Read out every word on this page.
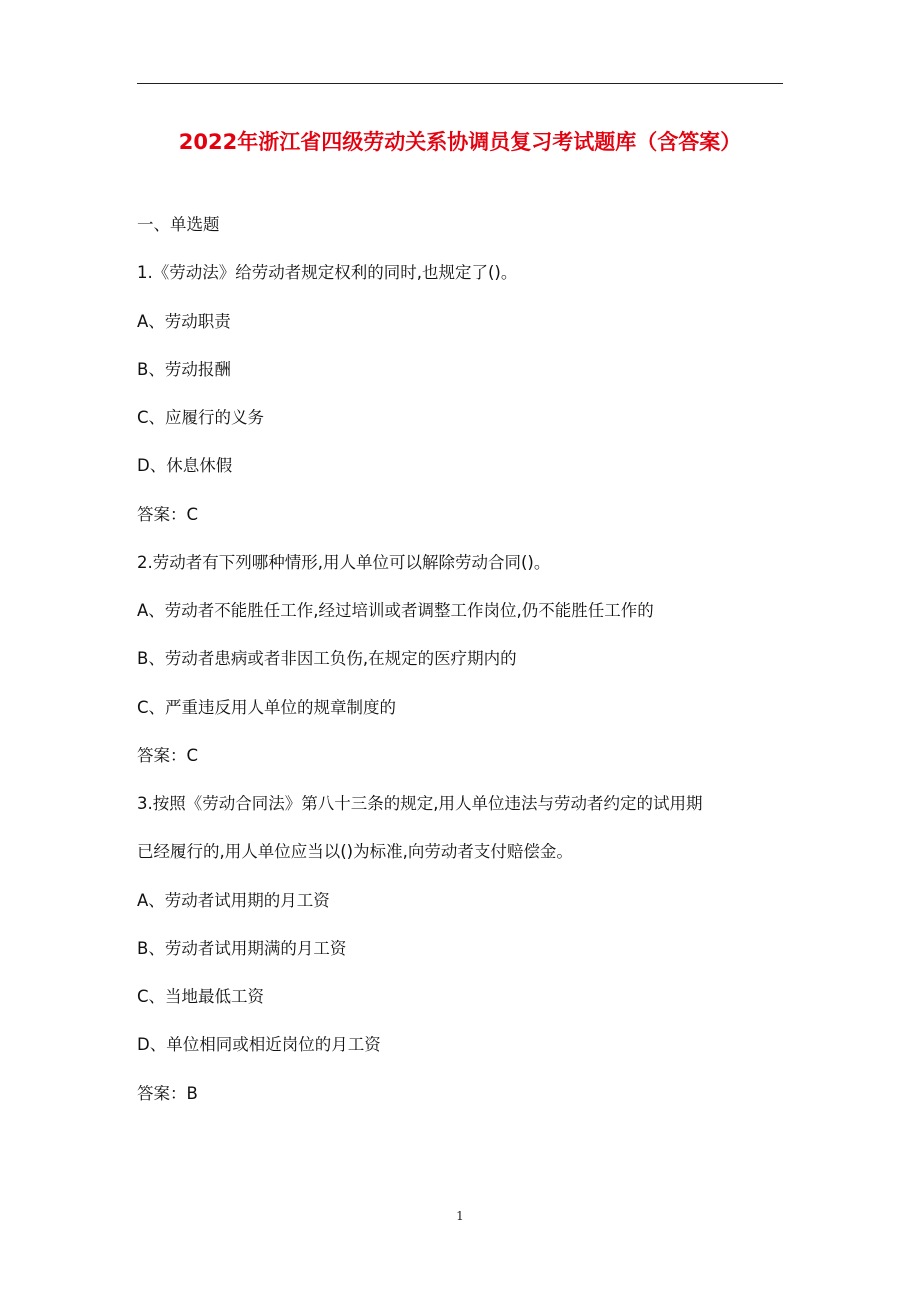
2022年浙江省四级劳动关系协调员复习考试题库（含答案）
一、单选题
1.《劳动法》给劳动者规定权利的同时,也规定了()。
A、劳动职责
B、劳动报酬
C、应履行的义务
D、休息休假
答案：C
2.劳动者有下列哪种情形,用人单位可以解除劳动合同()。
A、劳动者不能胜任工作,经过培训或者调整工作岗位,仍不能胜任工作的
B、劳动者患病或者非因工负伤,在规定的医疗期内的
C、严重违反用人单位的规章制度的
答案：C
3.按照《劳动合同法》第八十三条的规定,用人单位违法与劳动者约定的试用期
已经履行的,用人单位应当以()为标准,向劳动者支付赔偿金。
A、劳动者试用期的月工资
B、劳动者试用期满的月工资
C、当地最低工资
D、单位相同或相近岗位的月工资
答案：B
1
